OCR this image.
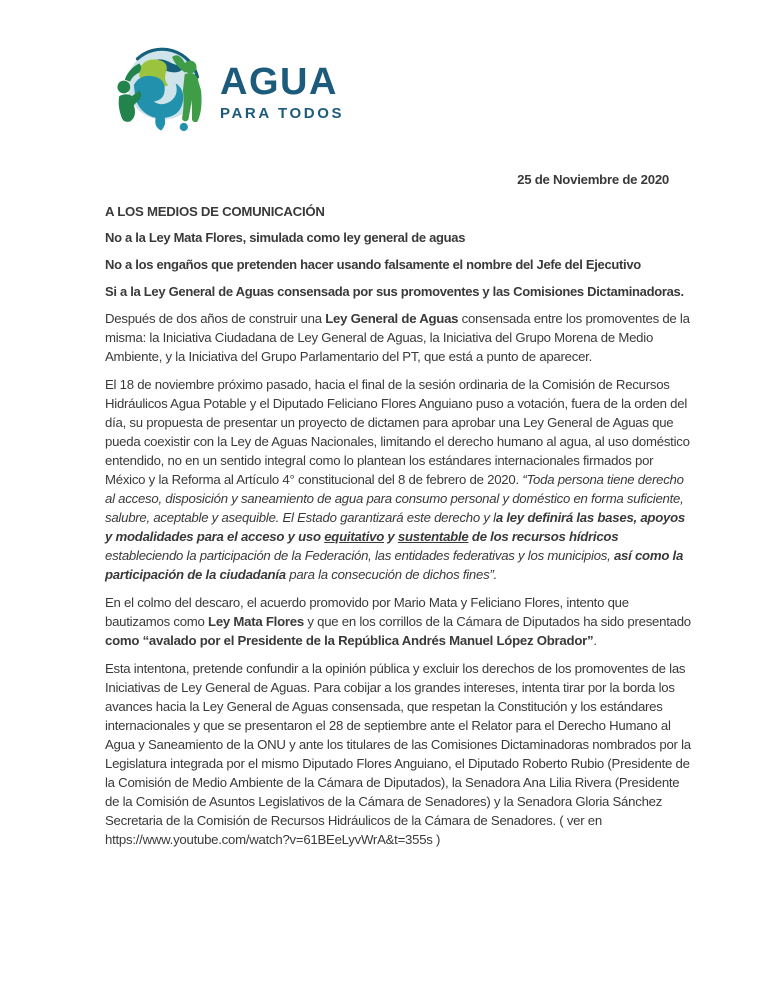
AGUA
PARA TODOS

25 de Noviembre de 2020

A LOS MEDIOS DE COMUNICACIÓN

No a la Ley Mata Flores, simulada como ley general de aguas

No a los engaños que pretenden hacer usando falsamente el nombre del Jefe del Ejecutivo

Si a la Ley General de Aguas consensada por sus promoventes y las Comisiones Dictaminadoras.

Después de dos años de construir una Ley General de Aguas consensada entre los promoventes de la misma: la Iniciativa Ciudadana de Ley General de Aguas, la Iniciativa del Grupo Morena de Medio Ambiente, y la Iniciativa del Grupo Parlamentario del PT, que está a punto de aparecer.

El 18 de noviembre próximo pasado, hacia el final de la sesión ordinaria de la Comisión de Recursos Hidráulicos Agua Potable y el Diputado Feliciano Flores Anguiano puso a votación, fuera de la orden del día, su propuesta de presentar un proyecto de dictamen para aprobar una Ley General de Aguas que pueda coexistir con la Ley de Aguas Nacionales, limitando el derecho humano al agua, al uso doméstico entendido, no en un sentido integral como lo plantean los estándares internacionales firmados por México y la Reforma al Artículo 4° constitucional del 8 de febrero de 2020. “Toda persona tiene derecho al acceso, disposición y saneamiento de agua para consumo personal y doméstico en forma suficiente, salubre, aceptable y asequible. El Estado garantizará este derecho y la ley definirá las bases, apoyos y modalidades para el acceso y uso equitativo y sustentable de los recursos hídricos estableciendo la participación de la Federación, las entidades federativas y los municipios, así como la participación de la ciudadanía para la consecución de dichos fines”.

En el colmo del descaro, el acuerdo promovido por Mario Mata y Feliciano Flores, intento que bautizamos como Ley Mata Flores y que en los corrillos de la Cámara de Diputados ha sido presentado como “avalado por el Presidente de la República Andrés Manuel López Obrador”.

Esta intentona, pretende confundir a la opinión pública y excluir los derechos de los promoventes de las Iniciativas de Ley General de Aguas. Para cobijar a los grandes intereses, intenta tirar por la borda los avances hacia la Ley General de Aguas consensada, que respetan la Constitución y los estándares internacionales y que se presentaron el 28 de septiembre ante el Relator para el Derecho Humano al Agua y Saneamiento de la ONU y ante los titulares de las Comisiones Dictaminadoras nombrados por la Legislatura integrada por el mismo Diputado Flores Anguiano, el Diputado Roberto Rubio (Presidente de la Comisión de Medio Ambiente de la Cámara de Diputados), la Senadora Ana Lilia Rivera (Presidente de la Comisión de Asuntos Legislativos de la Cámara de Senadores) y la Senadora Gloria Sánchez Secretaria de la Comisión de Recursos Hidráulicos de la Cámara de Senadores. ( ver en https://www.youtube.com/watch?v=61BEeLyvWrA&t=355s )
